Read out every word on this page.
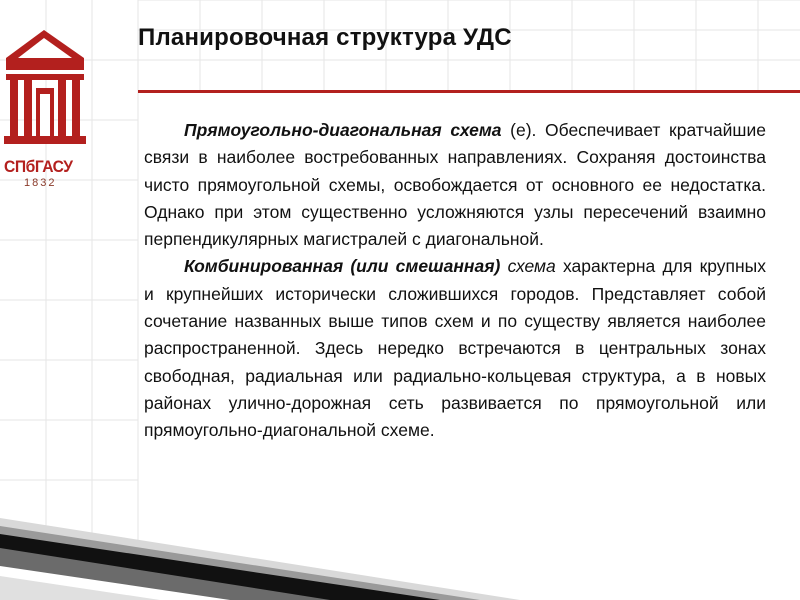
СПбГАСУ
1832
Планировочная структура УДС

Прямоугольно-диагональная схема (е). Обеспечивает кратчайшие связи в наиболее востребованных направлениях. Сохраняя достоинства чисто прямоугольной схемы, освобождается от основного ее недостатка. Однако при этом существенно усложняются узлы пересечений взаимно перпендикулярных магистралей с диагональной.

Комбинированная (или смешанная) схема характерна для крупных и крупнейших исторически сложившихся городов. Представляет собой сочетание названных выше типов схем и по существу является наиболее распространенной. Здесь нередко встречаются в центральных зонах свободная, радиальная или радиально-кольцевая структура, а в новых районах улично-дорожная сеть развивается по прямоугольной или прямоугольно-диагональной схеме.
